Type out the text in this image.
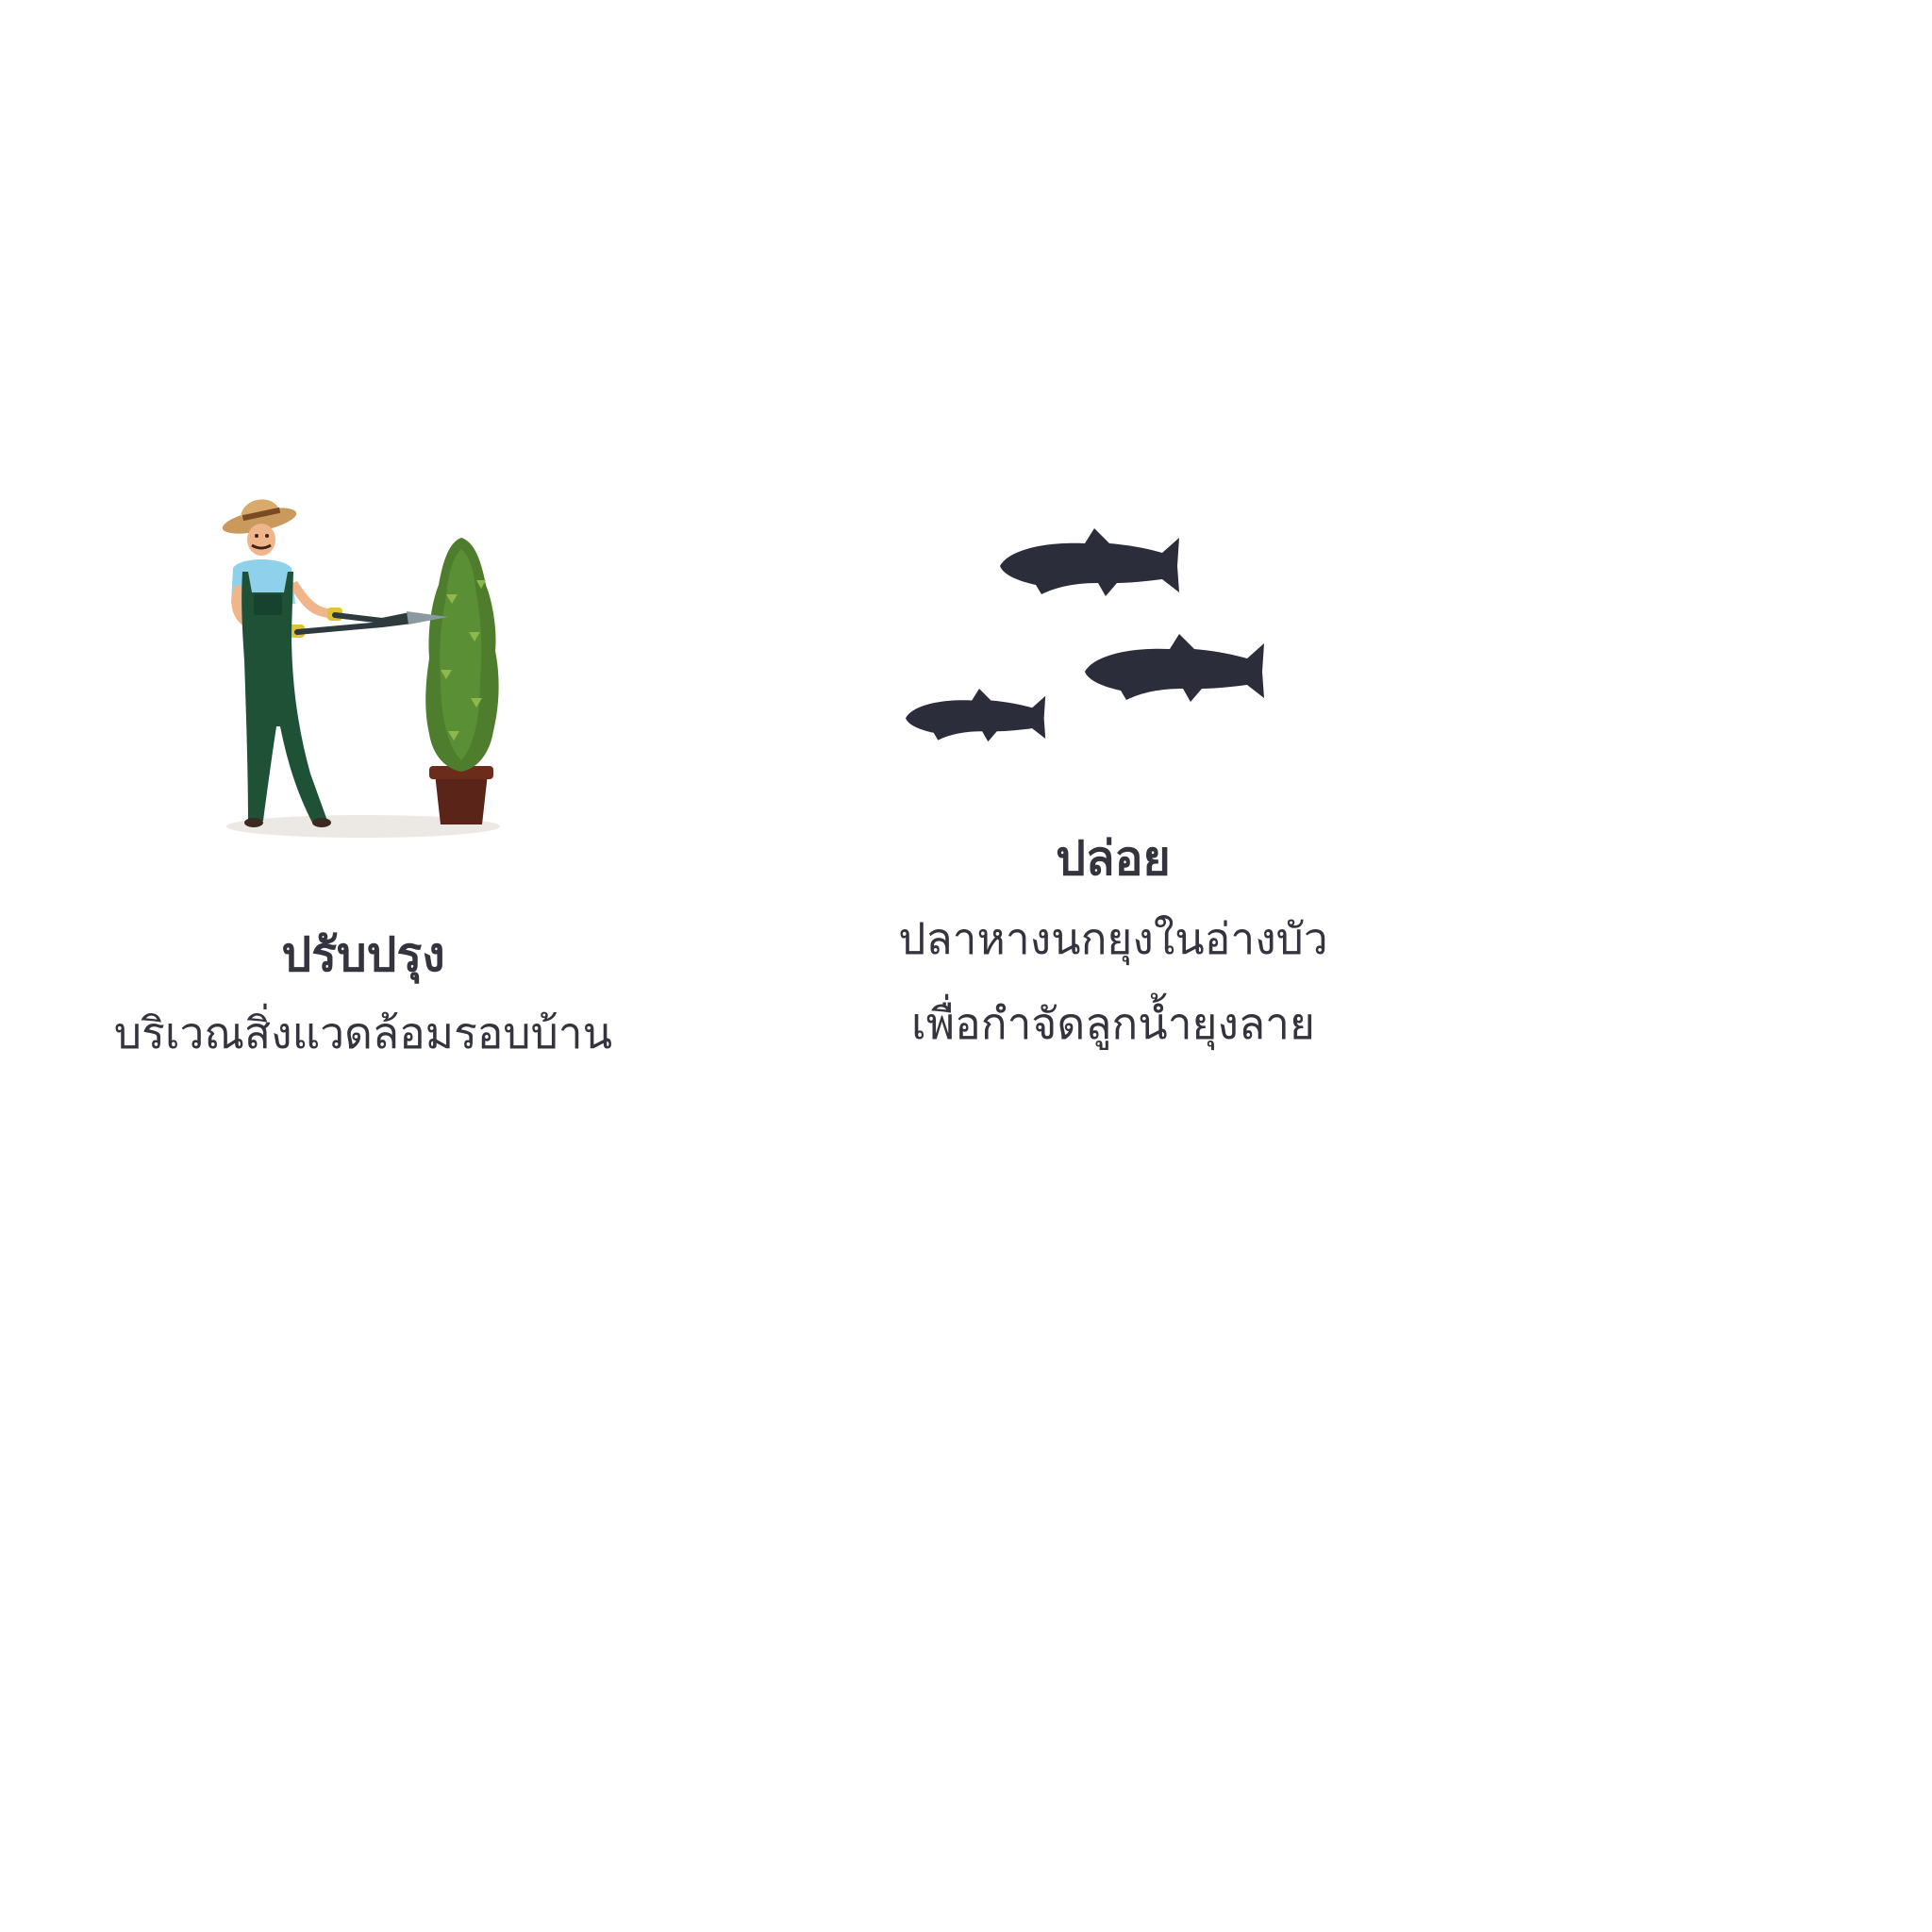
ปรับปรุง

บริเวณสิ่งแวดล้อมรอบบ้าน

ปล่อย

ปลาหางนกยุงในอ่างบัว

เพื่อกำจัดลูกน้ำยุงลาย
